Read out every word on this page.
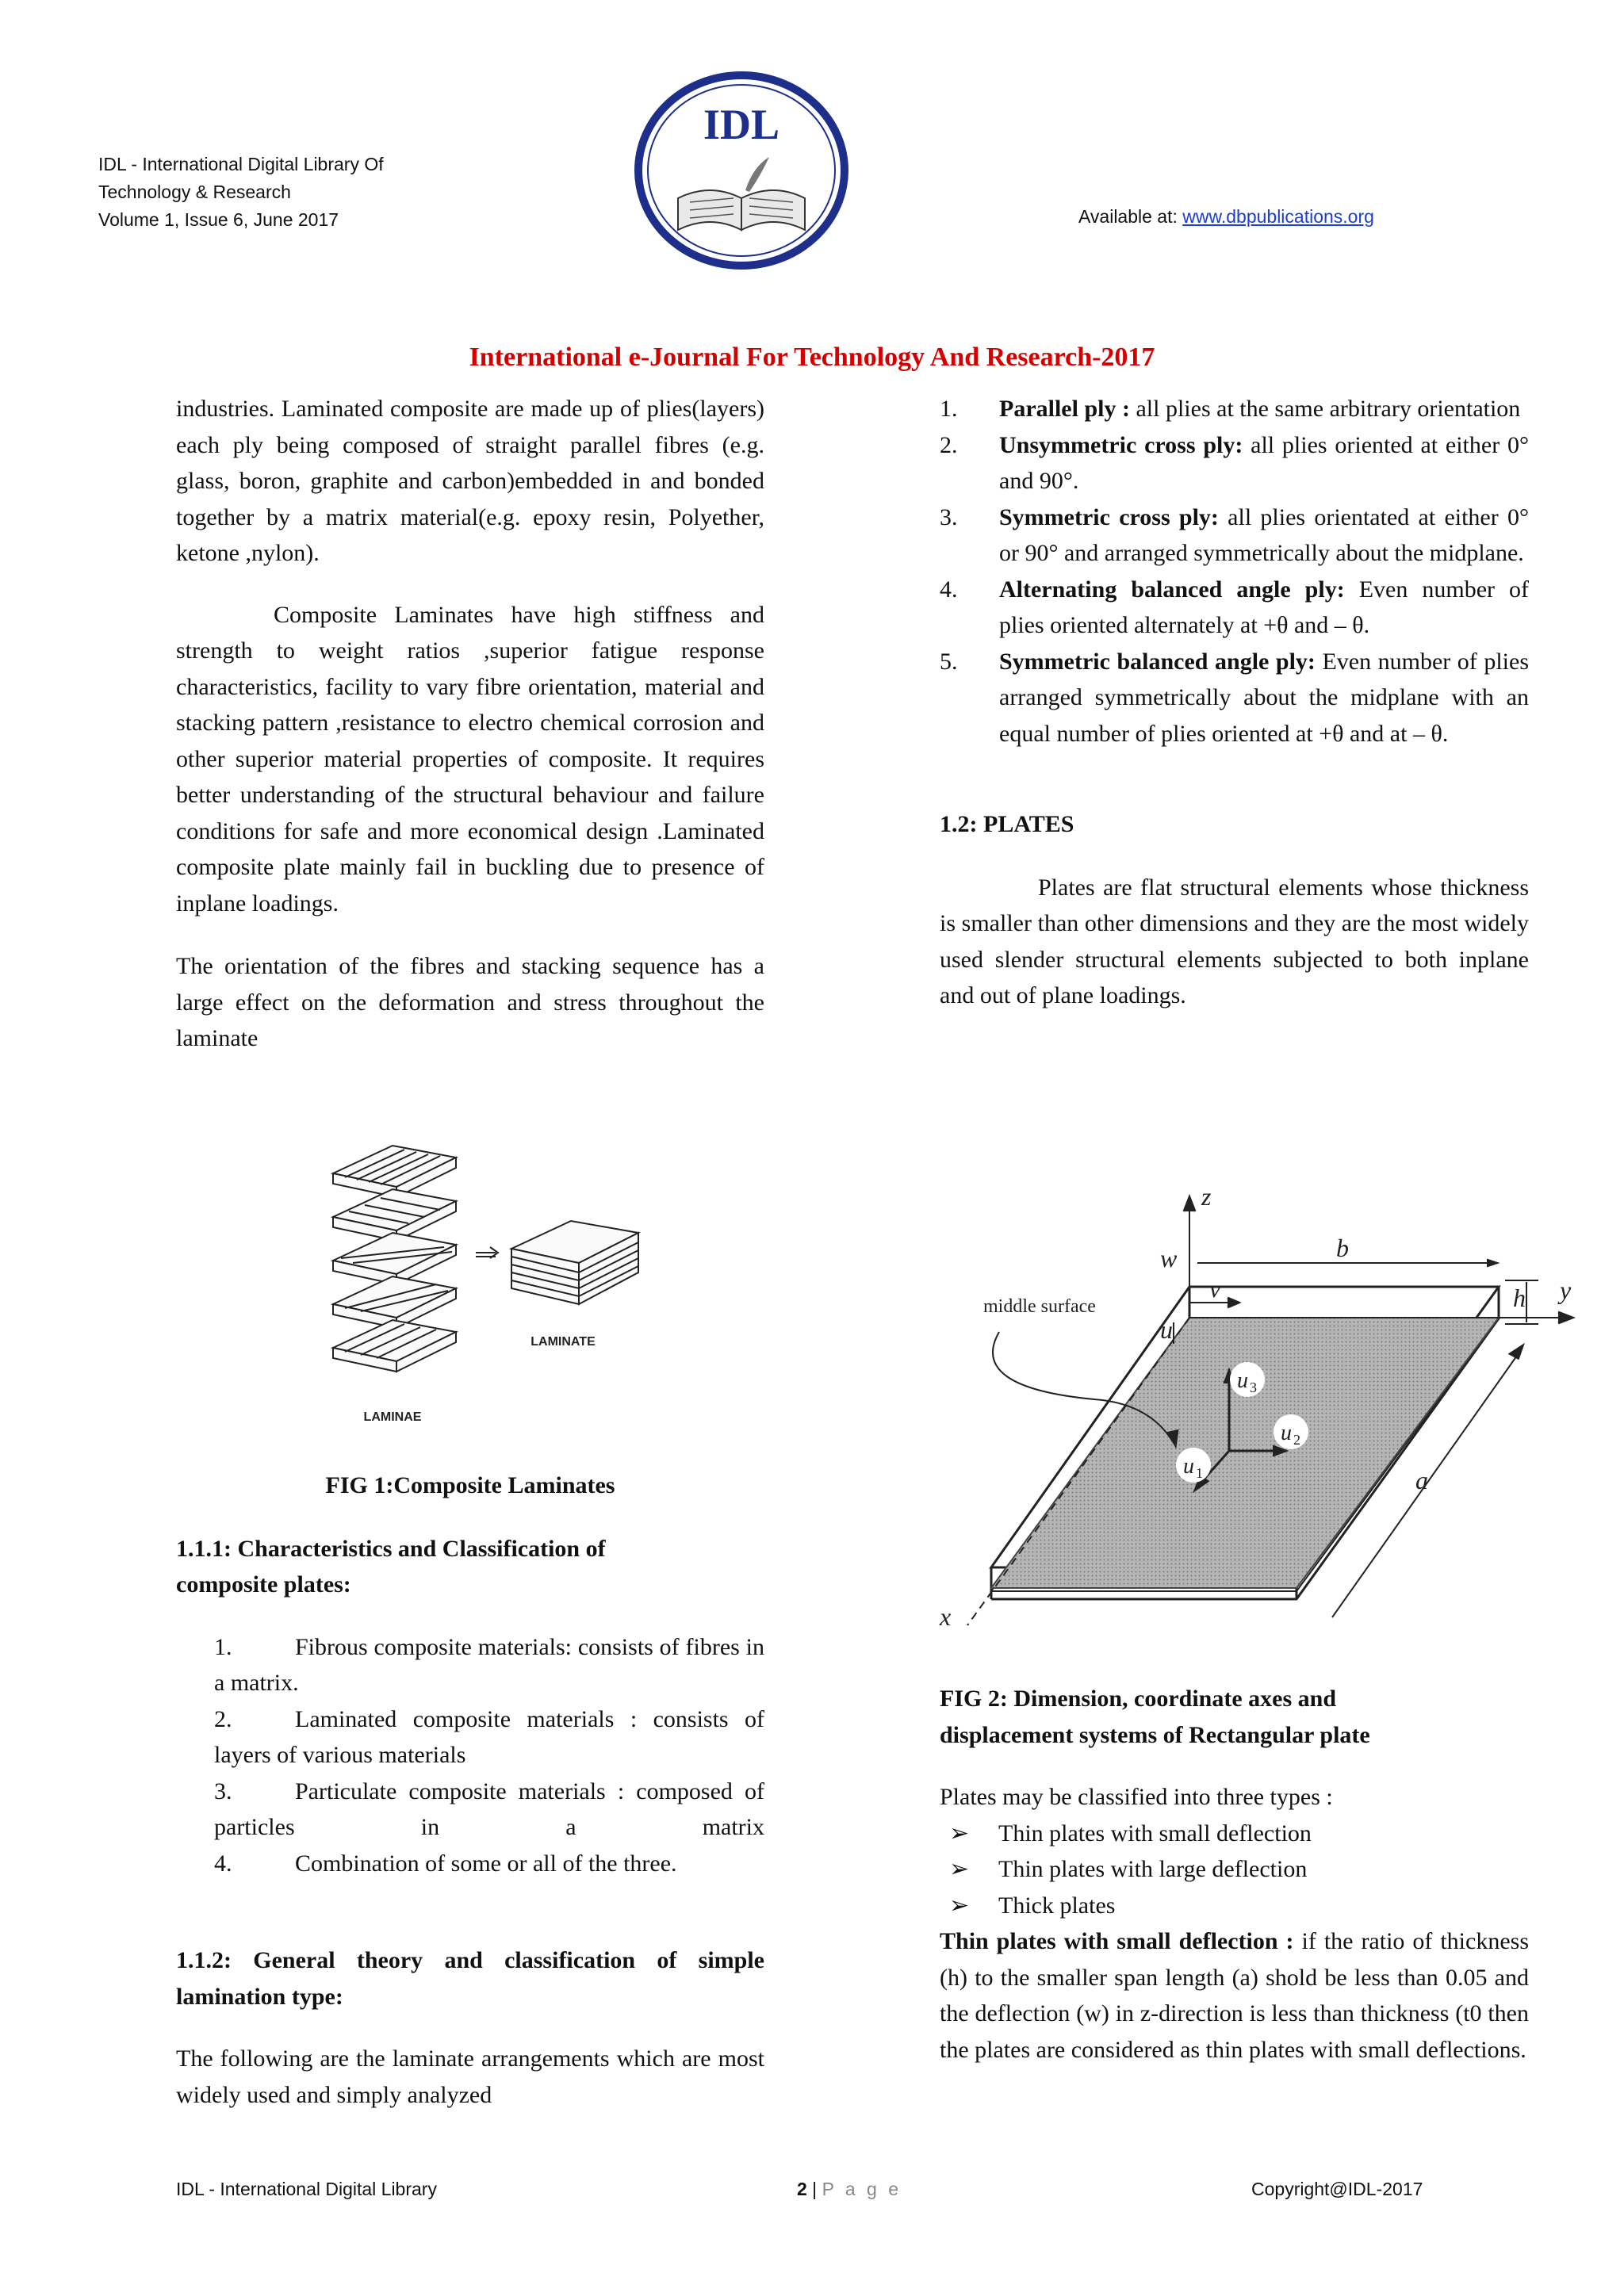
IDL - International Digital Library Of
Technology & Research
Volume 1, Issue 6, June 2017
IDL
Available at: www.dbpublications.org
International e-Journal For Technology And Research-2017

industries. Laminated composite are made up of plies(layers) each ply being composed of straight parallel fibres (e.g. glass, boron, graphite and carbon)embedded in and bonded together by a matrix material(e.g. epoxy resin, Polyether, ketone ,nylon).

Composite Laminates have high stiffness and strength to weight ratios ,superior fatigue response characteristics, facility to vary fibre orientation, material and stacking pattern ,resistance to electro chemical corrosion and other superior material properties of composite. It requires better understanding of the structural behaviour and failure conditions for safe and more economical design .Laminated composite plate mainly fail in buckling due to presence of inplane loadings.

The orientation of the fibres and stacking sequence has a large effect on the deformation and stress throughout the laminate

LAMINATE
LAMINAE
FIG 1:Composite Laminates
1.1.1: Characteristics and Classification of
composite plates:

1.	Fibrous composite materials: consists of fibres in a matrix.

2.	Laminated composite materials : consists of layers of various materials

3.	Particulate composite materials : composed of particles in a matrix

4.	Combination of some or all of the three.

1.1.2: General theory and classification of simple lamination type:

The following are the laminate arrangements which are most widely used and simply analyzed

1.	Parallel ply : all plies at the same arbitrary orientation
2.	Unsymmetric cross ply: all plies oriented at either 0° and 90°.
3.	Symmetric cross ply: all plies orientated at either 0° or 90° and arranged symmetrically about the midplane.
4.	Alternating balanced angle ply: Even number of plies oriented alternately at +θ and – θ.
5.	Symmetric balanced angle ply: Even number of plies arranged symmetrically about the midplane with an equal number of plies oriented at +θ and at – θ.
1.2: PLATES

Plates are flat structural elements whose thickness is smaller than other dimensions and they are the most widely used slender structural elements subjected to both inplane and out of plane loadings.

z
w	b
v	h y
u
a
x
u 3
u 2
u 1
middle surface
FIG 2: Dimension, coordinate axes and
displacement systems of Rectangular plate
Plates may be classified into three types :
➢	Thin plates with small deflection
➢	Thin plates with large deflection
➢	Thick plates

Thin plates with small deflection : if the ratio of thickness (h) to the smaller span length (a) shold be less than 0.05 and the deflection (w) in z-direction is less than thickness (t0 then the plates are considered as thin plates with small deflections.

IDL - International Digital Library	2 | P a g e	Copyright@IDL-2017
